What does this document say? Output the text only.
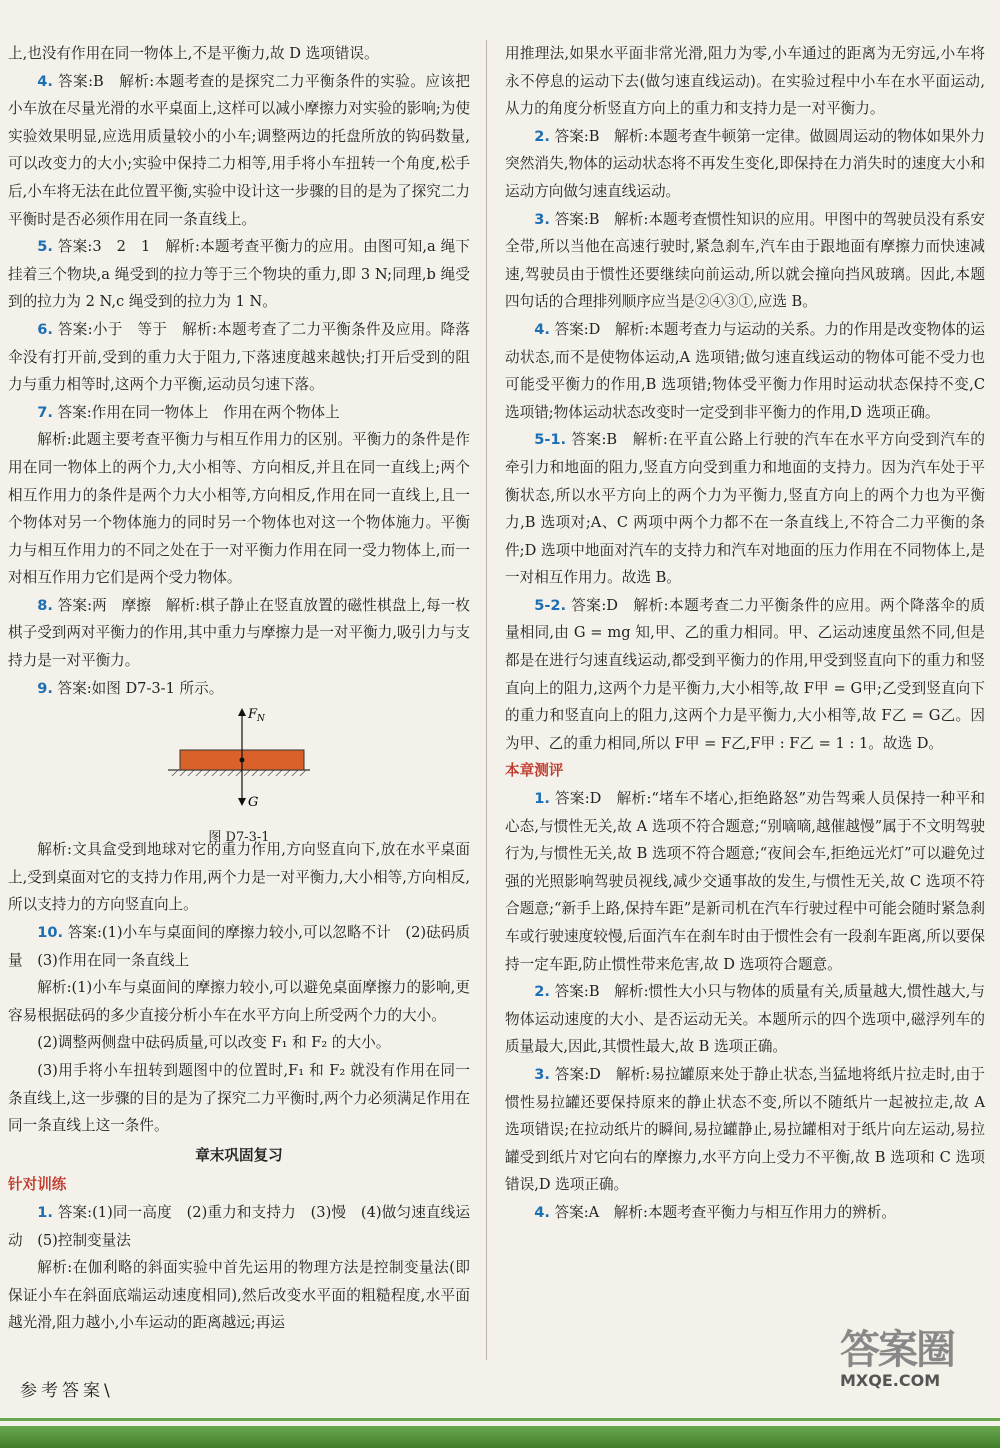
上,也没有作用在同一物体上,不是平衡力,故 D 选项错误。

4. 答案:B　解析:本题考查的是探究二力平衡条件的实验。应该把小车放在尽量光滑的水平桌面上,这样可以减小摩擦力对实验的影响;为使实验效果明显,应选用质量较小的小车;调整两边的托盘所放的钩码数量,可以改变力的大小;实验中保持二力相等,用手将小车扭转一个角度,松手后,小车将无法在此位置平衡,实验中设计这一步骤的目的是为了探究二力平衡时是否必须作用在同一条直线上。

5. 答案:3　2　1　解析:本题考查平衡力的应用。由图可知,a 绳下挂着三个物块,a 绳受到的拉力等于三个物块的重力,即 3 N;同理,b 绳受到的拉力为 2 N,c 绳受到的拉力为 1 N。

6. 答案:小于　等于　解析:本题考查了二力平衡条件及应用。降落伞没有打开前,受到的重力大于阻力,下落速度越来越快;打开后受到的阻力与重力相等时,这两个力平衡,运动员匀速下落。

7. 答案:作用在同一物体上　作用在两个物体上

解析:此题主要考查平衡力与相互作用力的区别。平衡力的条件是作用在同一物体上的两个力,大小相等、方向相反,并且在同一直线上;两个相互作用力的条件是两个力大小相等,方向相反,作用在同一直线上,且一个物体对另一个物体施力的同时另一个物体也对这一个物体施力。平衡力与相互作用力的不同之处在于一对平衡力作用在同一受力物体上,而一对相互作用力它们是两个受力物体。

8. 答案:两　摩擦　解析:棋子静止在竖直放置的磁性棋盘上,每一枚棋子受到两对平衡力的作用,其中重力与摩擦力是一对平衡力,吸引力与支持力是一对平衡力。

9. 答案:如图 D7-3-1 所示。

$F_N$
G
图 D7-3-1

解析:文具盒受到地球对它的重力作用,方向竖直向下,放在水平桌面上,受到桌面对它的支持力作用,两个力是一对平衡力,大小相等,方向相反,所以支持力的方向竖直向上。

10. 答案:(1)小车与桌面间的摩擦力较小,可以忽略不计　(2)砝码质量　(3)作用在同一条直线上

解析:(1)小车与桌面间的摩擦力较小,可以避免桌面摩擦力的影响,更容易根据砝码的多少直接分析小车在水平方向上所受两个力的大小。

(2)调整两侧盘中砝码质量,可以改变 F₁ 和 F₂ 的大小。

(3)用手将小车扭转到题图中的位置时,F₁ 和 F₂ 就没有作用在同一条直线上,这一步骤的目的是为了探究二力平衡时,两个力必须满足作用在同一条直线上这一条件。

章末巩固复习

针对训练

1. 答案:(1)同一高度　(2)重力和支持力　(3)慢　(4)做匀速直线运动　(5)控制变量法

解析:在伽利略的斜面实验中首先运用的物理方法是控制变量法(即保证小车在斜面底端运动速度相同),然后改变水平面的粗糙程度,水平面越光滑,阻力越小,小车运动的距离越远;再运

用推理法,如果水平面非常光滑,阻力为零,小车通过的距离为无穷远,小车将永不停息的运动下去(做匀速直线运动)。在实验过程中小车在水平面运动,从力的角度分析竖直方向上的重力和支持力是一对平衡力。

2. 答案:B　解析:本题考查牛顿第一定律。做圆周运动的物体如果外力突然消失,物体的运动状态将不再发生变化,即保持在力消失时的速度大小和运动方向做匀速直线运动。

3. 答案:B　解析:本题考查惯性知识的应用。甲图中的驾驶员没有系安全带,所以当他在高速行驶时,紧急刹车,汽车由于跟地面有摩擦力而快速减速,驾驶员由于惯性还要继续向前运动,所以就会撞向挡风玻璃。因此,本题四句话的合理排列顺序应当是②④③①,应选 B。

4. 答案:D　解析:本题考查力与运动的关系。力的作用是改变物体的运动状态,而不是使物体运动,A 选项错;做匀速直线运动的物体可能不受力也可能受平衡力的作用,B 选项错;物体受平衡力作用时运动状态保持不变,C 选项错;物体运动状态改变时一定受到非平衡力的作用,D 选项正确。

5-1. 答案:B　解析:在平直公路上行驶的汽车在水平方向受到汽车的牵引力和地面的阻力,竖直方向受到重力和地面的支持力。因为汽车处于平衡状态,所以水平方向上的两个力为平衡力,竖直方向上的两个力也为平衡力,B 选项对;A、C 两项中两个力都不在一条直线上,不符合二力平衡的条件;D 选项中地面对汽车的支持力和汽车对地面的压力作用在不同物体上,是一对相互作用力。故选 B。

5-2. 答案:D　解析:本题考查二力平衡条件的应用。两个降落伞的质量相同,由 G = mg 知,甲、乙的重力相同。甲、乙运动速度虽然不同,但是都是在进行匀速直线运动,都受到平衡力的作用,甲受到竖直向下的重力和竖直向上的阻力,这两个力是平衡力,大小相等,故 F甲 = G甲;乙受到竖直向下的重力和竖直向上的阻力,这两个力是平衡力,大小相等,故 F乙 = G乙。因为甲、乙的重力相同,所以 F甲 = F乙,F甲 : F乙 = 1 : 1。故选 D。

本章测评

1. 答案:D　解析:“堵车不堵心,拒绝路怒”劝告驾乘人员保持一种平和心态,与惯性无关,故 A 选项不符合题意;“别嘀嘀,越催越慢”属于不文明驾驶行为,与惯性无关,故 B 选项不符合题意;“夜间会车,拒绝远光灯”可以避免过强的光照影响驾驶员视线,减少交通事故的发生,与惯性无关,故 C 选项不符合题意;“新手上路,保持车距”是新司机在汽车行驶过程中可能会随时紧急刹车或行驶速度较慢,后面汽车在刹车时由于惯性会有一段刹车距离,所以要保持一定车距,防止惯性带来危害,故 D 选项符合题意。

2. 答案:B　解析:惯性大小只与物体的质量有关,质量越大,惯性越大,与物体运动速度的大小、是否运动无关。本题所示的四个选项中,磁浮列车的质量最大,因此,其惯性最大,故 B 选项正确。

3. 答案:D　解析:易拉罐原来处于静止状态,当猛地将纸片拉走时,由于惯性易拉罐还要保持原来的静止状态不变,所以不随纸片一起被拉走,故 A 选项错误;在拉动纸片的瞬间,易拉罐静止,易拉罐相对于纸片向左运动,易拉罐受到纸片对它向右的摩擦力,水平方向上受力不平衡,故 B 选项和 C 选项错误,D 选项正确。

4. 答案:A　解析:本题考查平衡力与相互作用力的辨析。

参考答案\
答案圈
MXQE.COM
